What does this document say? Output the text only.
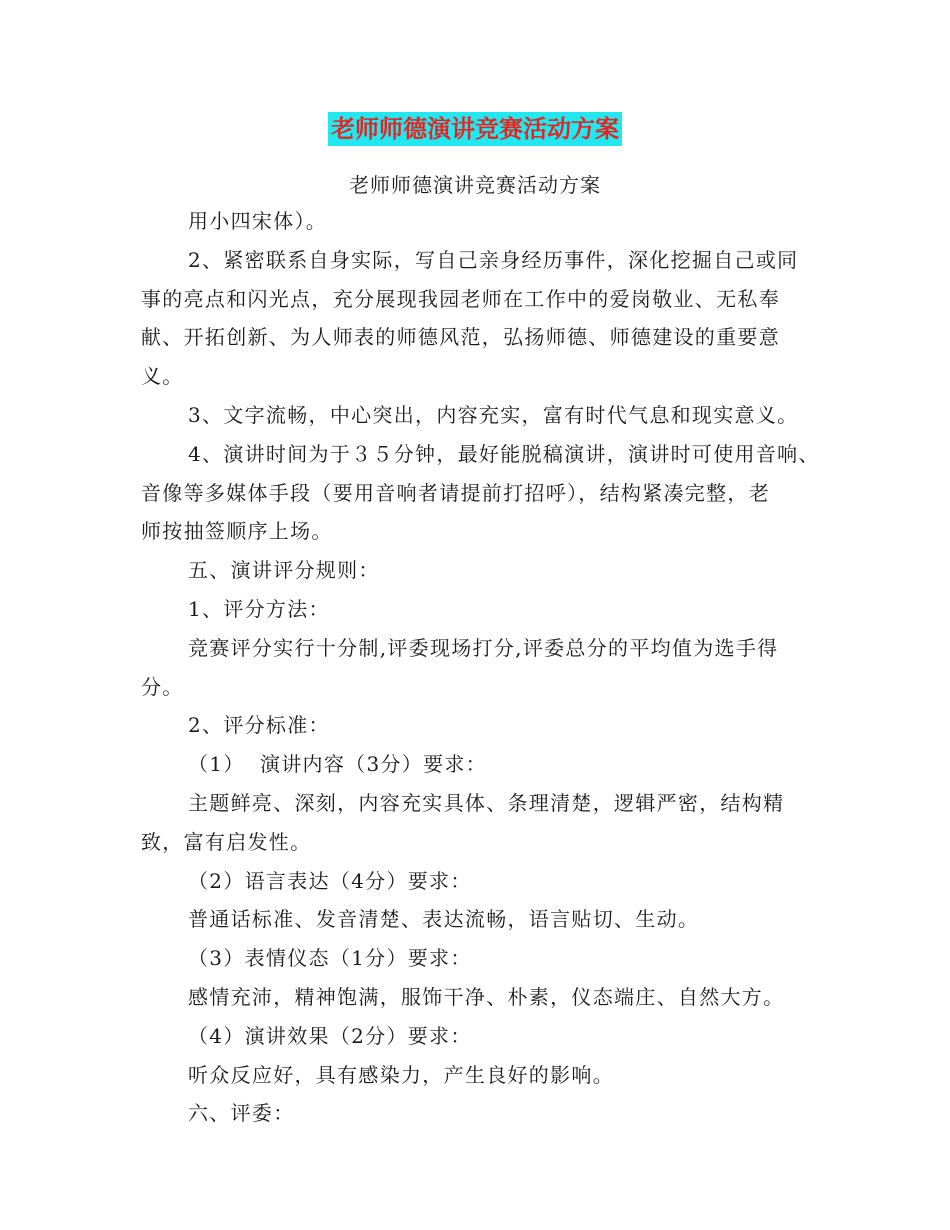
老师师德演讲竞赛活动方案
老师师德演讲竞赛活动方案

用小四宋体）。

2、紧密联系自身实际，写自己亲身经历事件，深化挖掘自己或同

事的亮点和闪光点，充分展现我园老师在工作中的爱岗敬业、无私奉

献、开拓创新、为人师表的师德风范，弘扬师德、师德建设的重要意

义。

3、文字流畅，中心突出，内容充实，富有时代气息和现实意义。

4、演讲时间为于３５分钟，最好能脱稿演讲，演讲时可使用音响、

音像等多媒体手段（要用音响者请提前打招呼），结构紧凑完整，老

师按抽签顺序上场。

五、演讲评分规则：

1、评分方法：

竞赛评分实行十分制,评委现场打分,评委总分的平均值为选手得

分。

2、评分标准：

（1）  演讲内容（3分）要求：

主题鲜亮、深刻，内容充实具体、条理清楚，逻辑严密，结构精

致，富有启发性。

（2）语言表达（4分）要求：

普通话标准、发音清楚、表达流畅，语言贴切、生动。

（3）表情仪态（1分）要求：

感情充沛，精神饱满，服饰干净、朴素，仪态端庄、自然大方。

（4）演讲效果（2分）要求：

听众反应好，具有感染力，产生良好的影响。

六、评委：
